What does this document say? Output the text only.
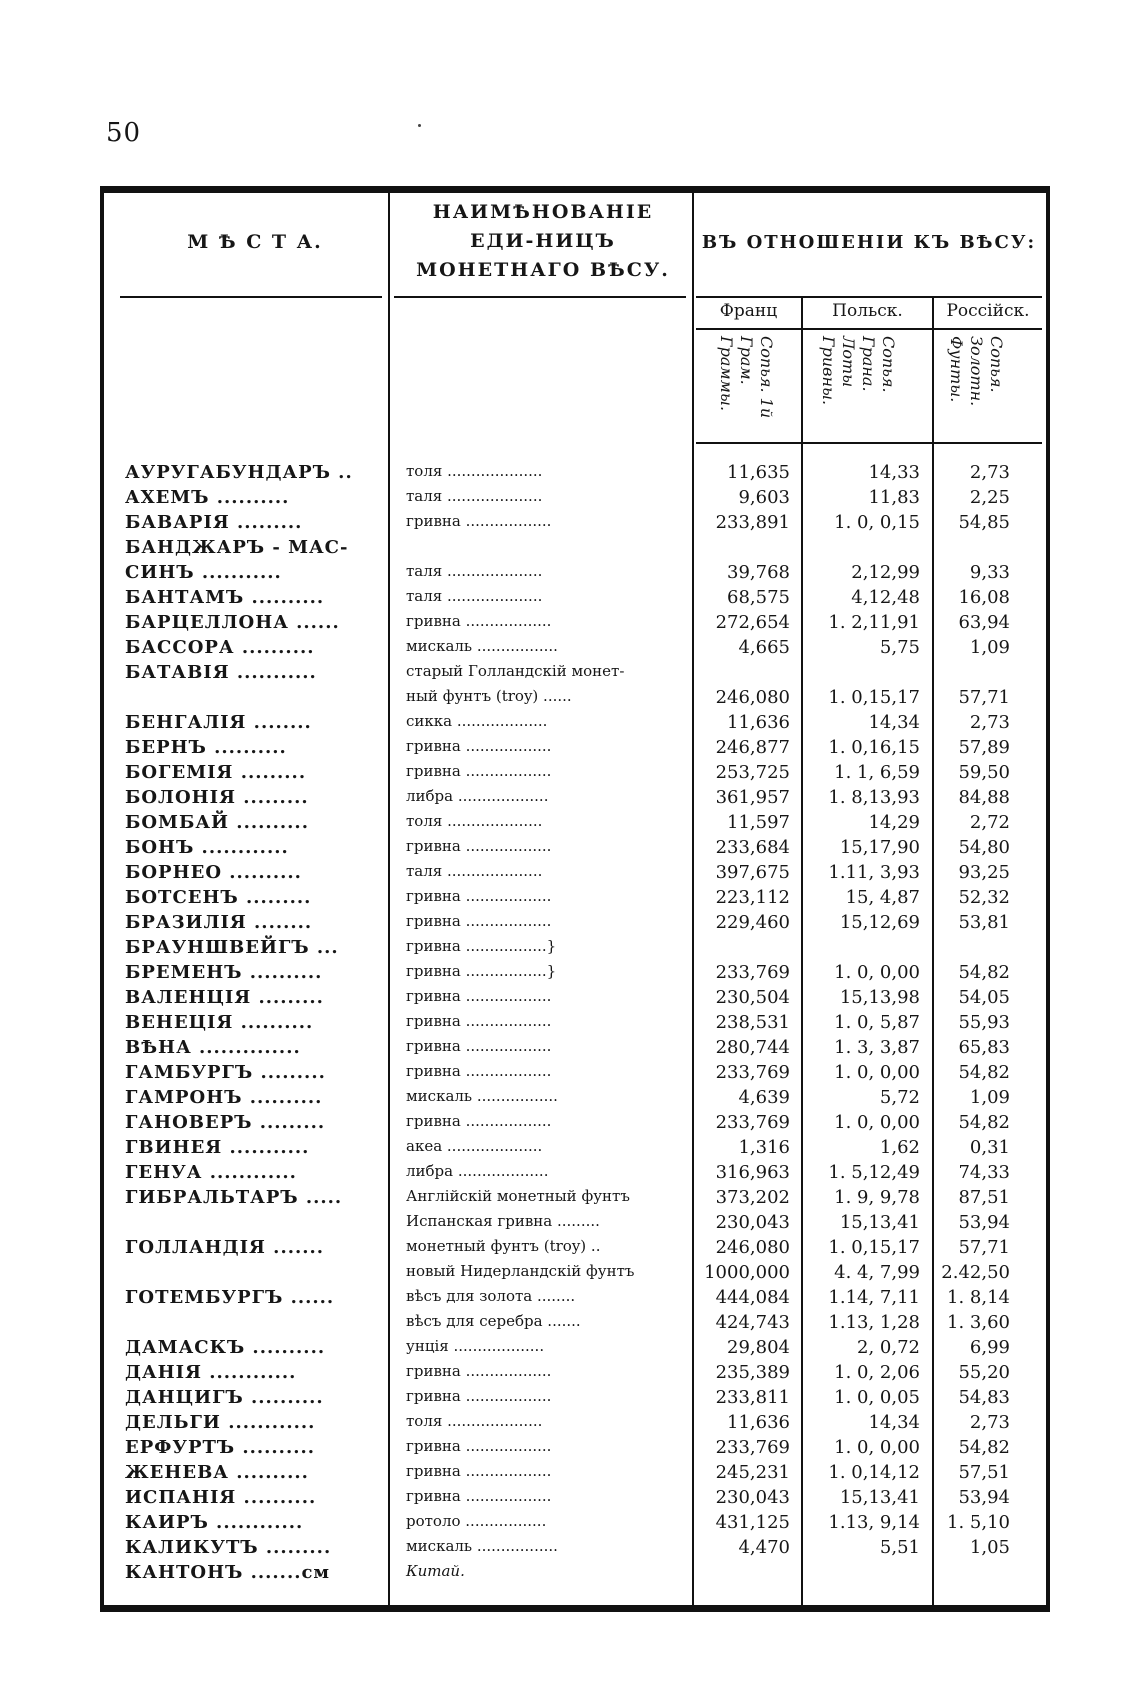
50
М Ѣ С Т А.
НАИМѢНОВАНІЕ ЕДИ-НИЦЪ МОНЕТНАГО ВѢСУ.
ВЪ ОТНОШЕНІИ КЪ ВѢСУ:
Франц	Польск.	Россійск.
Сопья. 1й Грам. Граммы.	Сопья. Грана. Лоты Гривны.	Сопья. Золотн. Фунты.
АУРУГАБУНДАРЪ ..	толя ....................	11,635	14,33	2,73
АХЕМЪ ..........	таля ....................	9,603	11,83	2,25
БАВАРІЯ .........	гривна ..................	233,891	1. 0, 0,15	54,85
БАНДЖАРЪ - МАС-
СИНЪ ...........	таля ....................	39,768	2,12,99	9,33
БАНТАМЪ ..........	таля ....................	68,575	4,12,48	16,08
БАРЦЕЛЛОНА ......	гривна ..................	272,654	1. 2,11,91	63,94
БАССОРА ..........	мискаль .................	4,665	5,75	1,09
БАТАВІЯ ...........	старый Голландскій монет-
ный фунтъ (troy) ......	246,080	1. 0,15,17	57,71
БЕНГАЛІЯ ........	сикка ...................	11,636	14,34	2,73
БЕРНЪ ..........	гривна ..................	246,877	1. 0,16,15	57,89
БОГЕМІЯ .........	гривна ..................	253,725	1. 1, 6,59	59,50
БОЛОНІЯ .........	либра ...................	361,957	1. 8,13,93	84,88
БОМБАЙ ..........	толя ....................	11,597	14,29	2,72
БОНЪ ............	гривна ..................	233,684	15,17,90	54,80
БОРНЕО ..........	таля ....................	397,675	1.11, 3,93	93,25
БОТСЕНЪ .........	гривна ..................	223,112	15, 4,87	52,32
БРАЗИЛІЯ ........	гривна ..................	229,460	15,12,69	53,81
БРАУНШВЕЙГЪ ...	гривна .................}
БРЕМЕНЪ ..........	гривна .................}	233,769	1. 0, 0,00	54,82
ВАЛЕНЦІЯ .........	гривна ..................	230,504	15,13,98	54,05
ВЕНЕЦІЯ ..........	гривна ..................	238,531	1. 0, 5,87	55,93
ВѢНА ..............	гривна ..................	280,744	1. 3, 3,87	65,83
ГАМБУРГЪ .........	гривна ..................	233,769	1. 0, 0,00	54,82
ГАМРОНЪ ..........	мискаль .................	4,639	5,72	1,09
ГАНОВЕРЪ .........	гривна ..................	233,769	1. 0, 0,00	54,82
ГВИНЕЯ ...........	акеа ....................	1,316	1,62	0,31
ГЕНУА ............	либра ...................	316,963	1. 5,12,49	74,33
ГИБРАЛЬТАРЪ .....	Англійскій монетный фунтъ	373,202	1. 9, 9,78	87,51
Испанская гривна .........	230,043	15,13,41	53,94
ГОЛЛАНДІЯ .......	монетный фунтъ (troy) ..	246,080	1. 0,15,17	57,71
новый Нидерландскій фунтъ	1000,000	4. 4, 7,99	2.42,50
ГОТЕМБУРГЪ ......	вѣсъ для золота ........	444,084	1.14, 7,11	1. 8,14
вѣсъ для серебра .......	424,743	1.13, 1,28	1. 3,60
ДАМАСКЪ ..........	унція ...................	29,804	2, 0,72	6,99
ДАНІЯ ............	гривна ..................	235,389	1. 0, 2,06	55,20
ДАНЦИГЪ ..........	гривна ..................	233,811	1. 0, 0,05	54,83
ДЕЛЬГИ ............	толя ....................	11,636	14,34	2,73
ЕРФУРТЪ ..........	гривна ..................	233,769	1. 0, 0,00	54,82
ЖЕНЕВА ..........	гривна ..................	245,231	1. 0,14,12	57,51
ИСПАНІЯ ..........	гривна ..................	230,043	15,13,41	53,94
КАИРЪ ............	ротоло .................	431,125	1.13, 9,14	1. 5,10
КАЛИКУТЪ .........	мискаль .................	4,470	5,51	1,05
КАНТОНЪ .......см	Китай.
